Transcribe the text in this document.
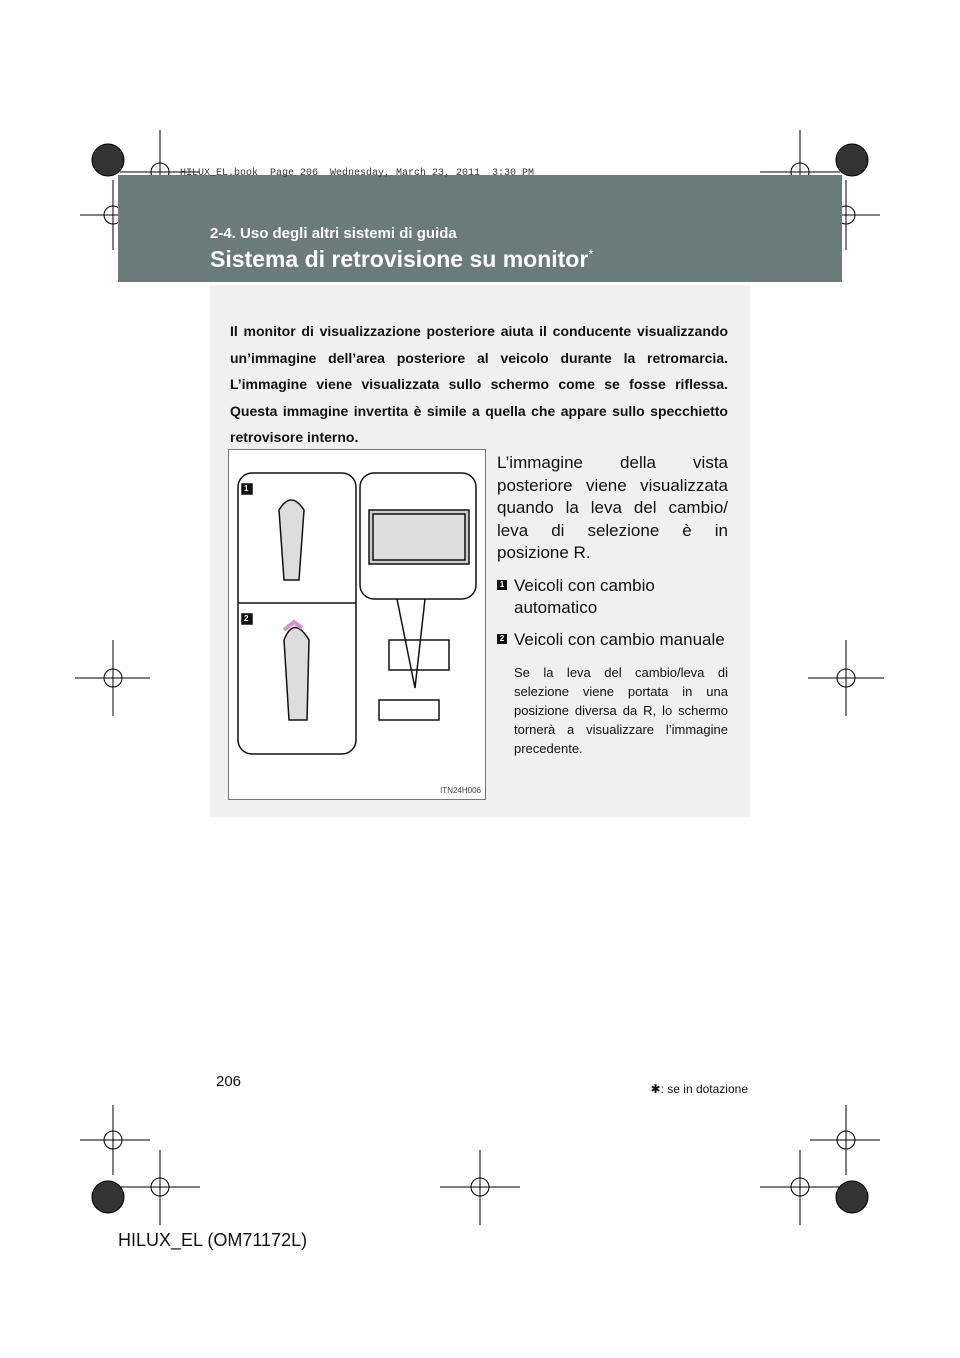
HILUX_EL.book  Page 206  Wednesday, March 23, 2011  3:30 PM
2-4. Uso degli altri sistemi di guida
Sistema di retrovisione su monitor*
Il monitor di visualizzazione posteriore aiuta il conducente visualizzando un’immagine dell’area posteriore al veicolo durante la retromarcia. L’immagine viene visualizzata sullo schermo come se fosse riflessa. Questa immagine invertita è simile a quella che appare sullo specchietto retrovisore interno.
1
2
ITN24H006
L’immagine della vista posteriore viene visualizzata quando la leva del cambio/ leva di selezione è in posizione R.
1 Veicoli con cambio automatico
2 Veicoli con cambio manuale
Se la leva del cambio/leva di selezione viene portata in una posizione diversa da R, lo schermo tornerà a visualizzare l’immagine precedente.
206	✱: se in dotazione
HILUX_EL (OM71172L)
